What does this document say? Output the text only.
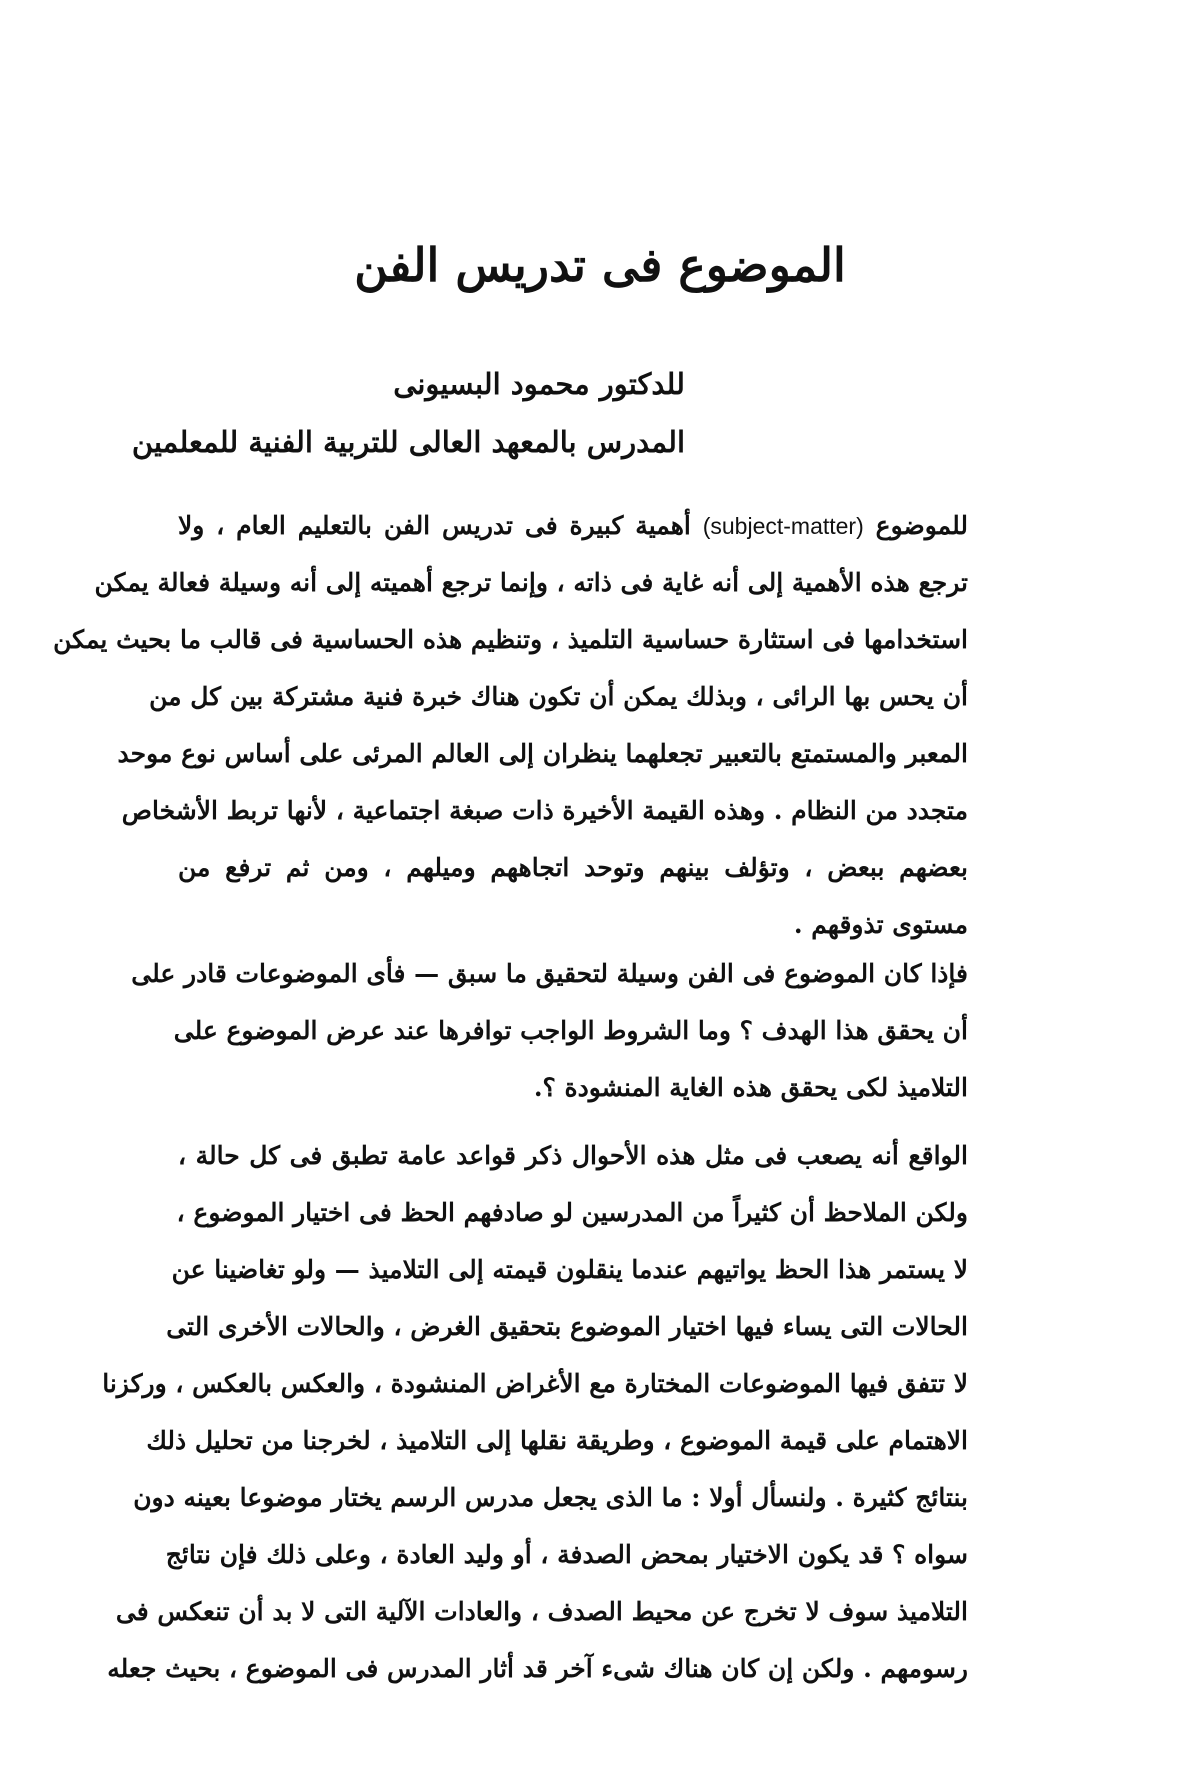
الموضوع فى تدريس الفن
للدكتور محمود البسيونى
المدرس بالمعهد العالى للتربية الفنية للمعلمين
للموضوع (subject-matter) أهمية كبيرة فى تدريس الفن بالتعليم العام ، ولا
ترجع هذه الأهمية إلى أنه غاية فى ذاته ، وإنما ترجع أهميته إلى أنه وسيلة فعالة يمكن
استخدامها فى استثارة حساسية التلميذ ، وتنظيم هذه الحساسية فى قالب ما بحيث يمكن
أن يحس بها الرائى ، وبذلك يمكن أن تكون هناك خبرة فنية مشتركة بين كل من
المعبر والمستمتع بالتعبير تجعلهما ينظران إلى العالم المرئى على أساس نوع موحد
متجدد من النظام . وهذه القيمة الأخيرة ذات صبغة اجتماعية ، لأنها تربط الأشخاص
بعضهم ببعض ، وتؤلف بينهم وتوحد اتجاههم وميلهم ، ومن ثم ترفع من
مستوى تذوقهم .
فإذا كان الموضوع فى الفن وسيلة لتحقيق ما سبق — فأى الموضوعات قادر على
أن يحقق هذا الهدف ؟ وما الشروط الواجب توافرها عند عرض الموضوع على
التلاميذ لكى يحقق هذه الغاية المنشودة ؟.
الواقع أنه يصعب فى مثل هذه الأحوال ذكر قواعد عامة تطبق فى كل حالة ،
ولكن الملاحظ أن كثيراً من المدرسين لو صادفهم الحظ فى اختيار الموضوع ،
لا يستمر هذا الحظ يواتيهم عندما ينقلون قيمته إلى التلاميذ — ولو تغاضينا عن
الحالات التى يساء فيها اختيار الموضوع بتحقيق الغرض ، والحالات الأخرى التى
لا تتفق فيها الموضوعات المختارة مع الأغراض المنشودة ، والعكس بالعكس ، وركزنا
الاهتمام على قيمة الموضوع ، وطريقة نقلها إلى التلاميذ ، لخرجنا من تحليل ذلك
بنتائج كثيرة . ولنسأل أولا : ما الذى يجعل مدرس الرسم يختار موضوعا بعينه دون
سواه ؟ قد يكون الاختيار بمحض الصدفة ، أو وليد العادة ، وعلى ذلك فإن نتائج
التلاميذ سوف لا تخرج عن محيط الصدف ، والعادات الآلية التى لا بد أن تنعكس فى
رسومهم . ولكن إن كان هناك شىء آخر قد أثار المدرس فى الموضوع ، بحيث جعله
